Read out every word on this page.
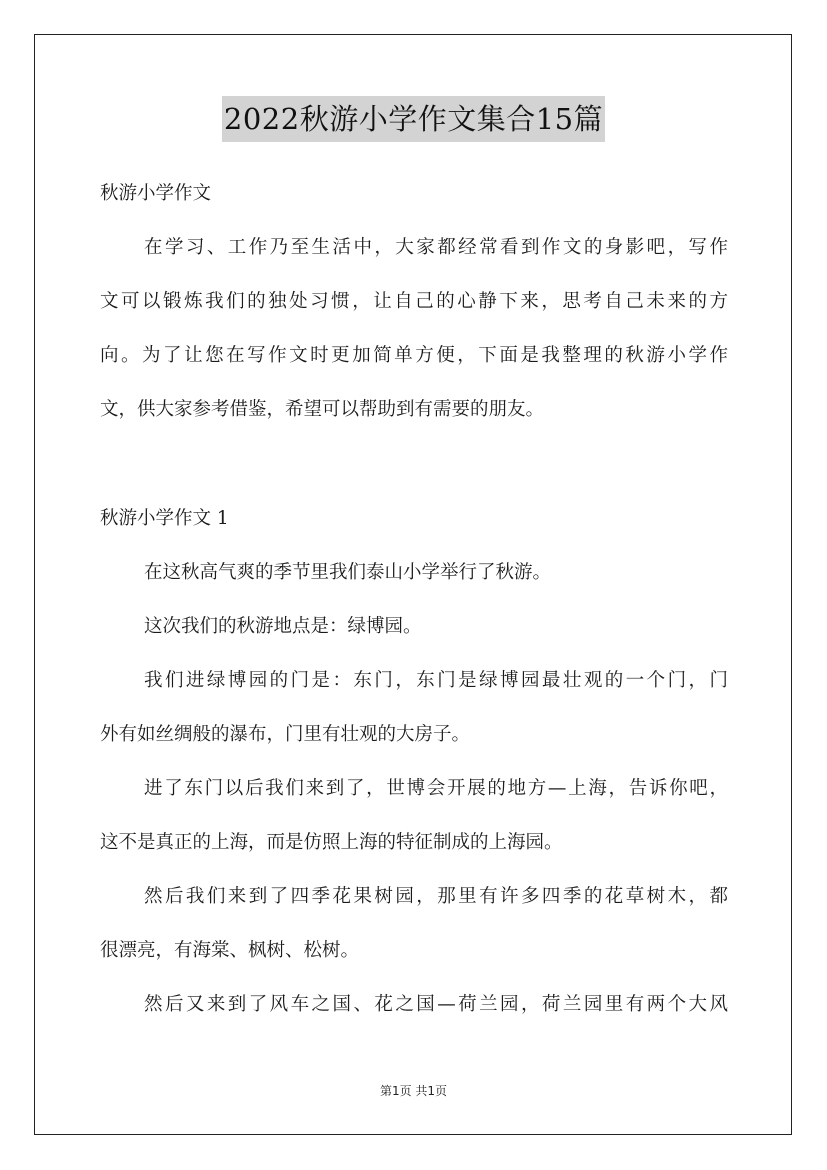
2022秋游小学作文集合15篇
秋游小学作文
在学习、工作乃至生活中，大家都经常看到作文的身影吧，写作
文可以锻炼我们的独处习惯，让自己的心静下来，思考自己未来的方
向。为了让您在写作文时更加简单方便，下面是我整理的秋游小学作
文，供大家参考借鉴，希望可以帮助到有需要的朋友。
秋游小学作文 1
在这秋高气爽的季节里我们泰山小学举行了秋游。
这次我们的秋游地点是：绿博园。
我们进绿博园的门是：东门，东门是绿博园最壮观的一个门，门
外有如丝绸般的瀑布，门里有壮观的大房子。
进了东门以后我们来到了，世博会开展的地方—上海，告诉你吧，
这不是真正的上海，而是仿照上海的特征制成的上海园。
然后我们来到了四季花果树园，那里有许多四季的花草树木，都
很漂亮，有海棠、枫树、松树。
然后又来到了风车之国、花之国—荷兰园，荷兰园里有两个大风
第1页 共1页
